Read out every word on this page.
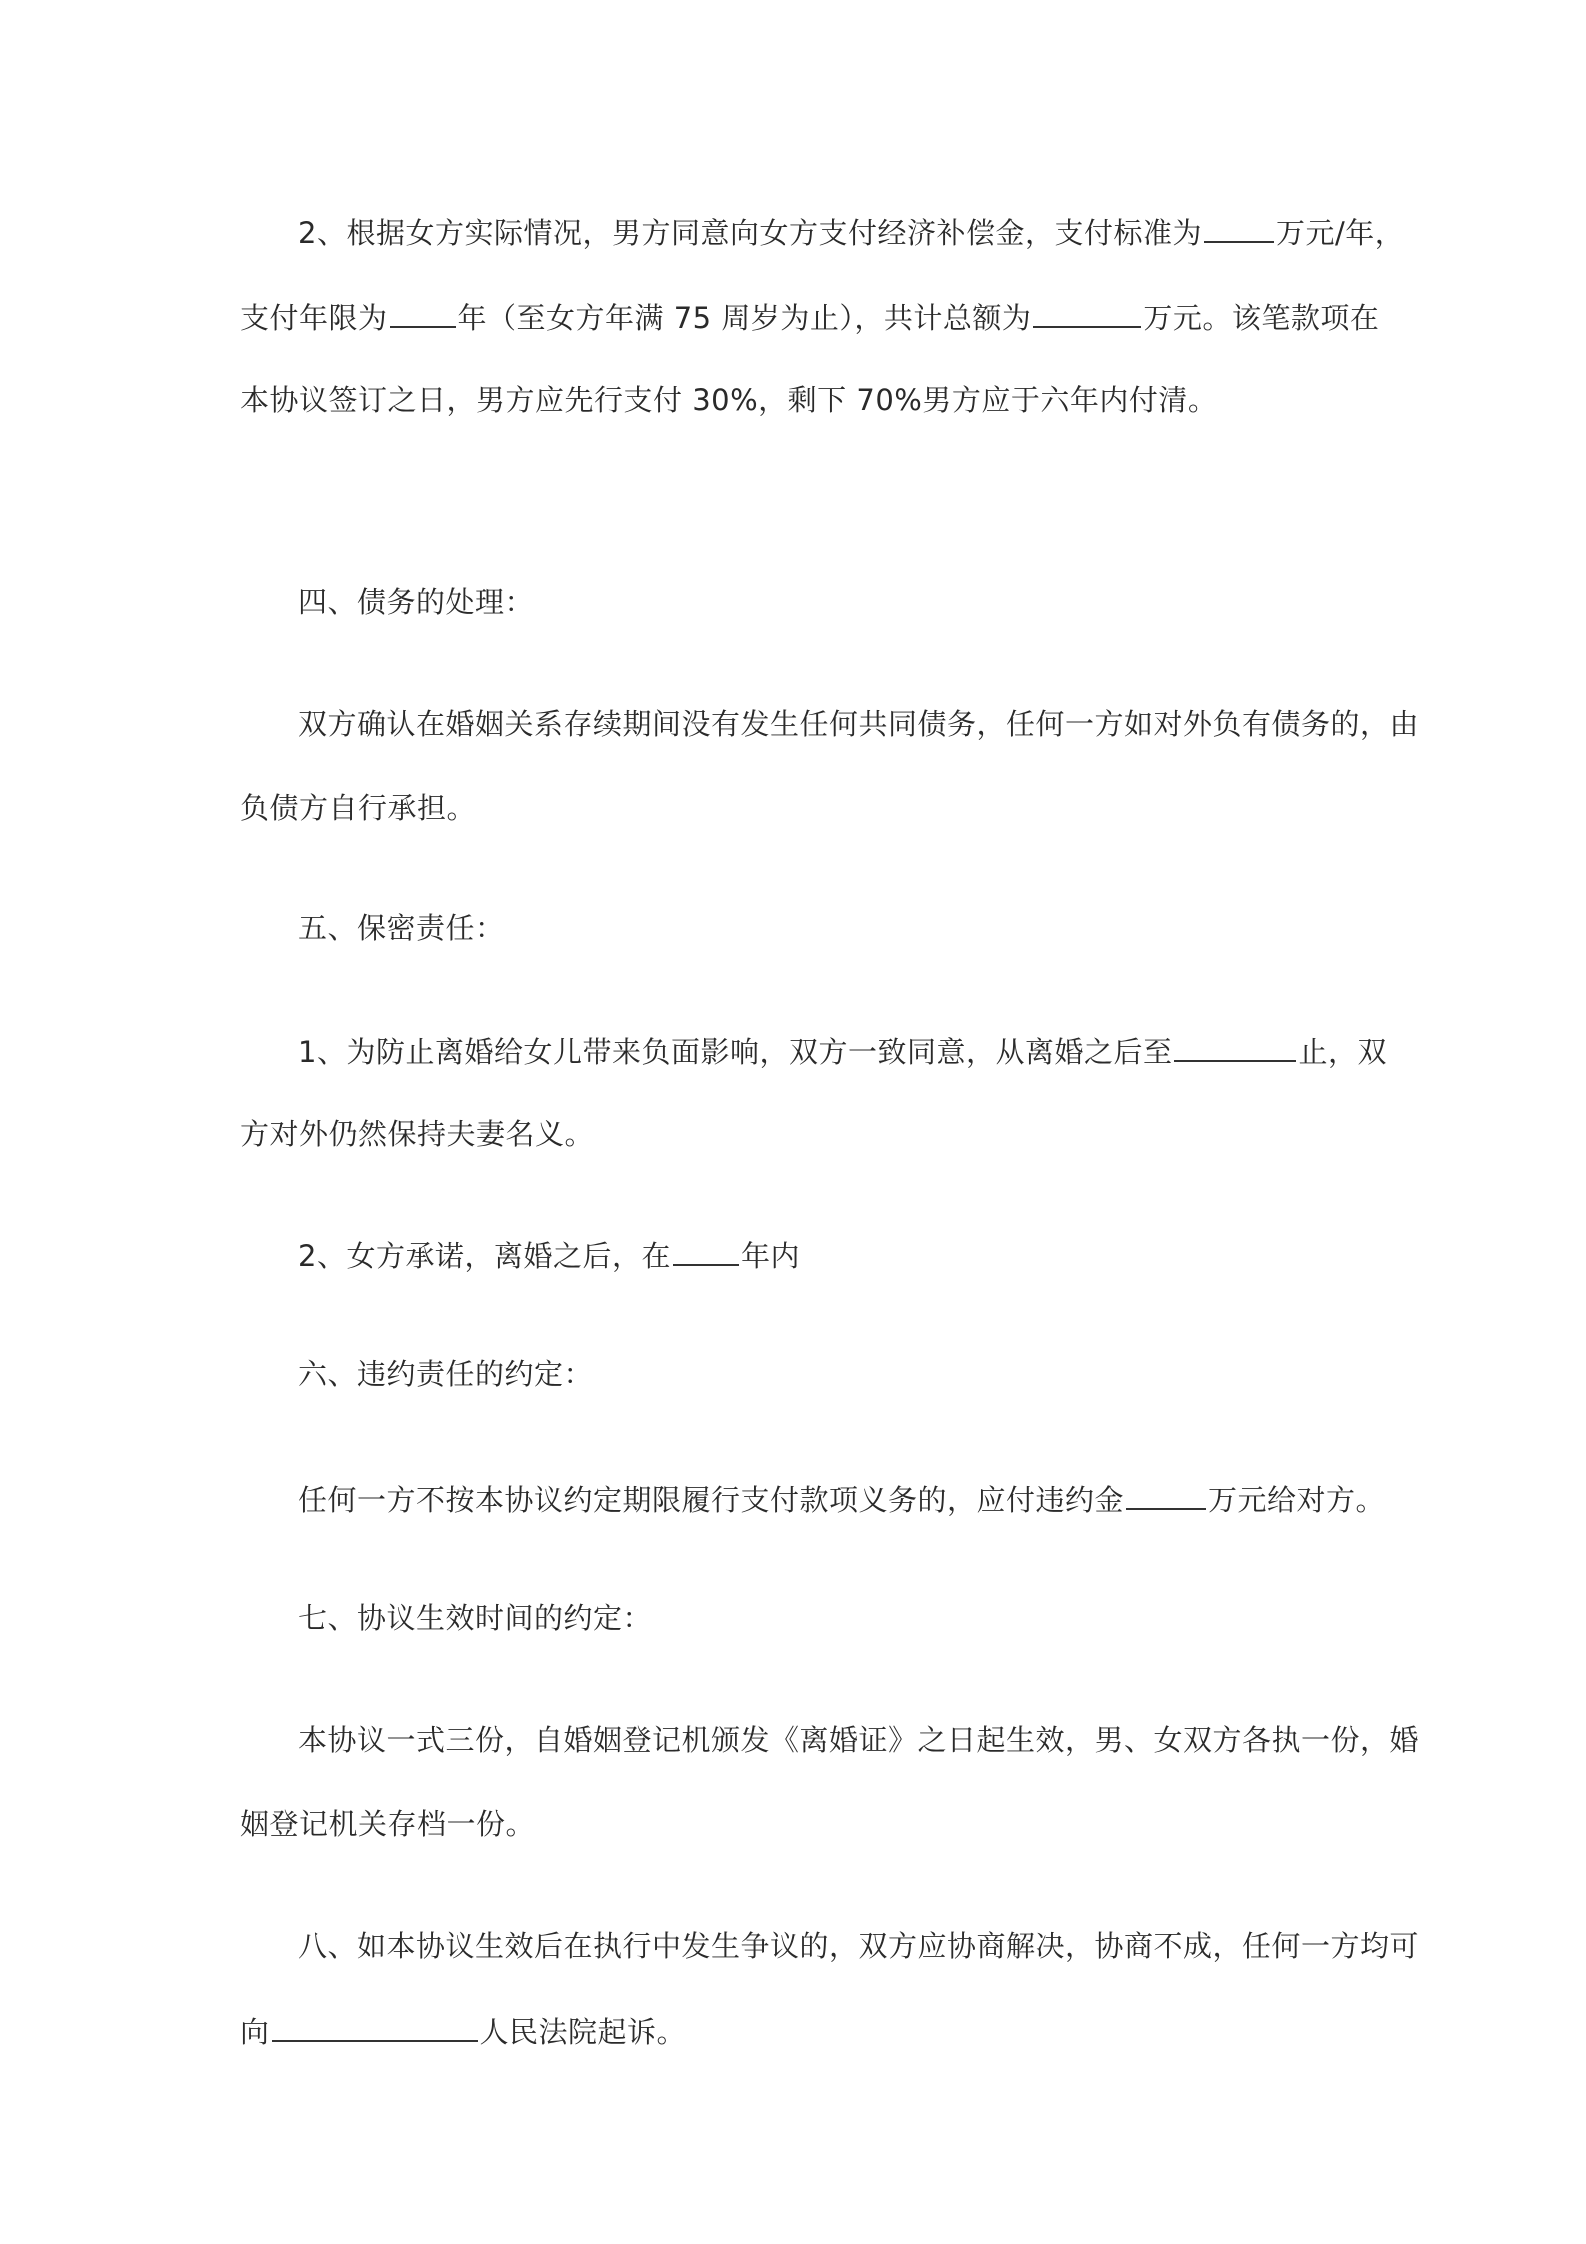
2、根据女方实际情况，男方同意向女方支付经济补偿金，支付标准为	万元/年，
支付年限为 年（至女方年满 75 周岁为止），共计总额为	万元。该笔款项在
本协议签订之日，男方应先行支付 30%，剩下 70%男方应于六年内付清。
四、债务的处理：
双方确认在婚姻关系存续期间没有发生任何共同债务，任何一方如对外负有债务的，由
负债方自行承担。
五、保密责任：
1、为防止离婚给女儿带来负面影响，双方一致同意，从离婚之后至	止，双
方对外仍然保持夫妻名义。
2、女方承诺，离婚之后，在 年内
六、违约责任的约定：
任何一方不按本协议约定期限履行支付款项义务的，应付违约金	万元给对方。
七、协议生效时间的约定：
本协议一式三份，自婚姻登记机颁发《离婚证》之日起生效，男、女双方各执一份，婚
姻登记机关存档一份。
八、如本协议生效后在执行中发生争议的，双方应协商解决，协商不成，任何一方均可
向	人民法院起诉。
